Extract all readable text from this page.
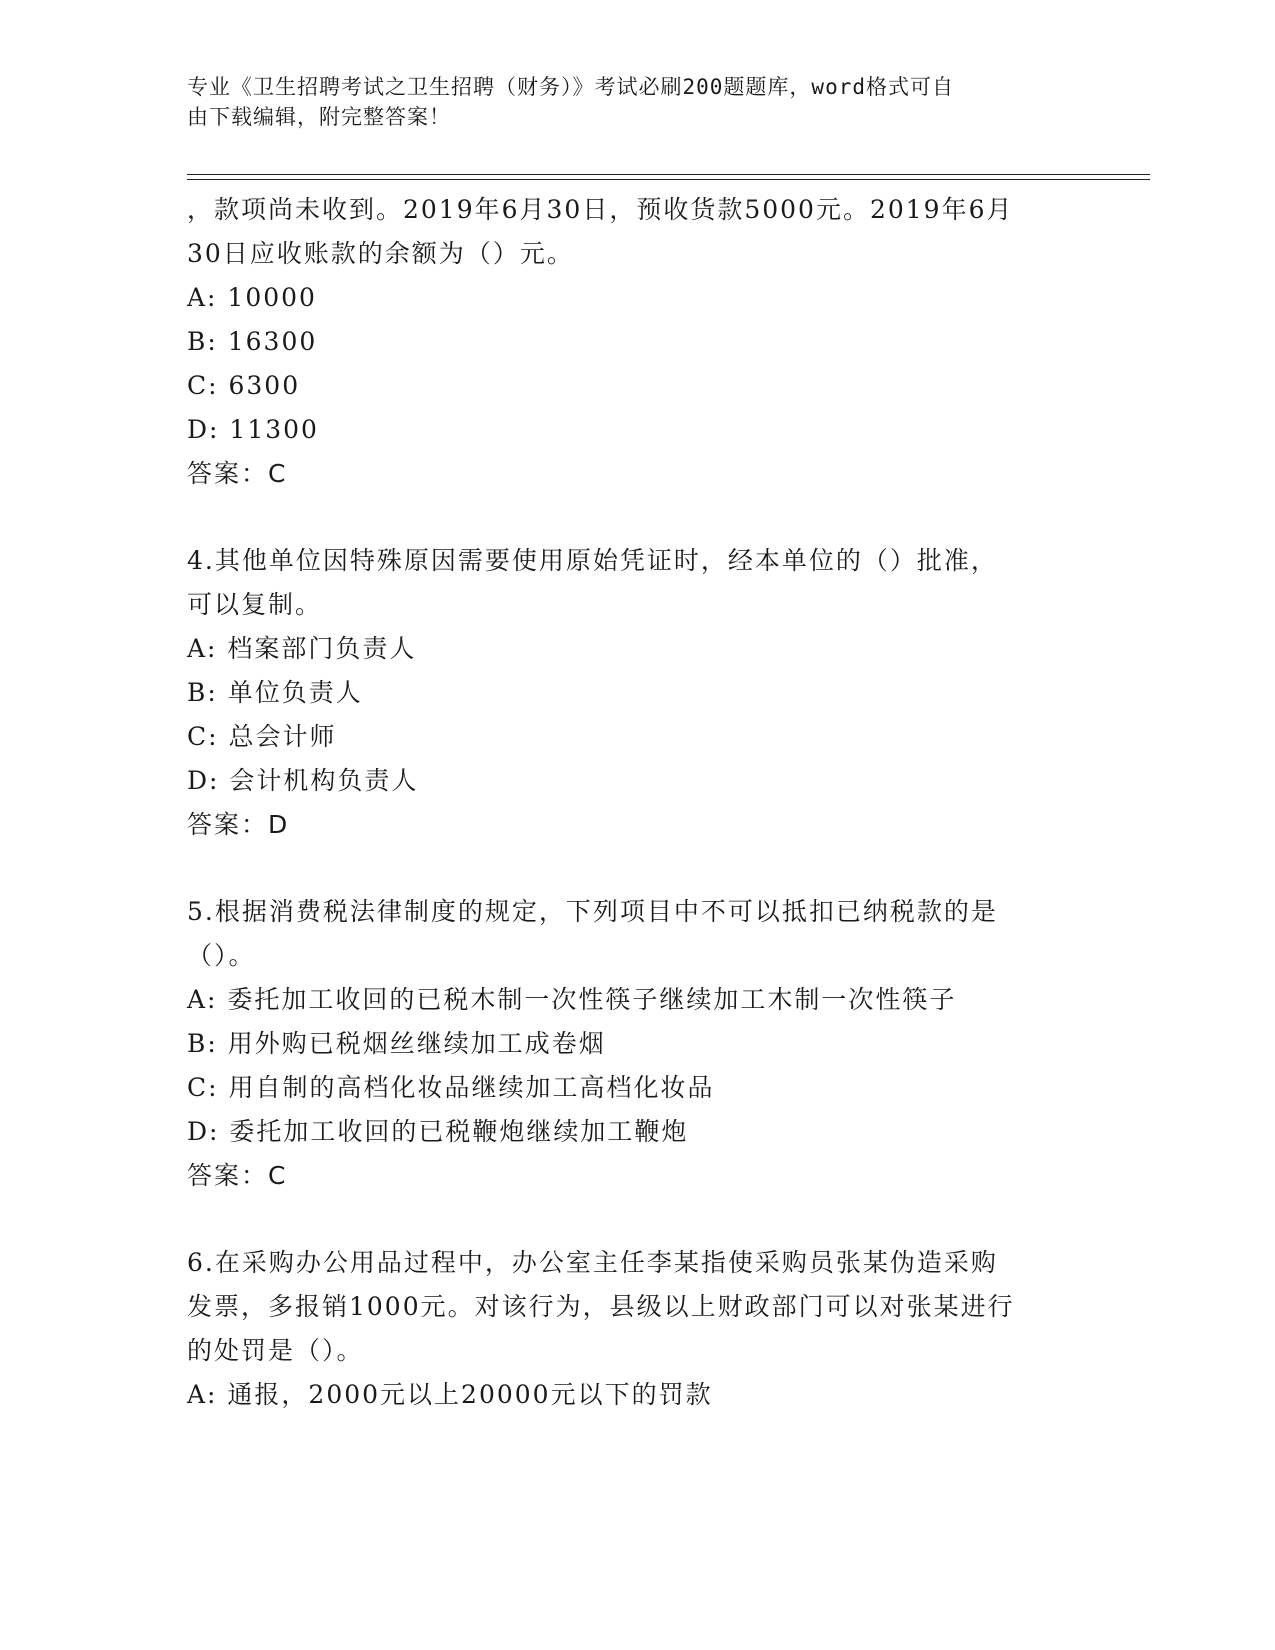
专业《卫生招聘考试之卫生招聘（财务）》考试必刷200题题库，word格式可自
由下载编辑，附完整答案！
，款项尚未收到。2019年6月30日，预收货款5000元。2019年6月
30日应收账款的余额为（）元。
A: 10000
B: 16300
C: 6300
D: 11300
答案：C
4.其他单位因特殊原因需要使用原始凭证时，经本单位的（）批准，
可以复制。
A: 档案部门负责人
B: 单位负责人
C: 总会计师
D: 会计机构负责人
答案：D
5.根据消费税法律制度的规定，下列项目中不可以抵扣已纳税款的是
（）。
A: 委托加工收回的已税木制一次性筷子继续加工木制一次性筷子
B: 用外购已税烟丝继续加工成卷烟
C: 用自制的高档化妆品继续加工高档化妆品
D: 委托加工收回的已税鞭炮继续加工鞭炮
答案：C
6.在采购办公用品过程中，办公室主任李某指使采购员张某伪造采购
发票，多报销1000元。对该行为，县级以上财政部门可以对张某进行
的处罚是（）。
A: 通报，2000元以上20000元以下的罚款
